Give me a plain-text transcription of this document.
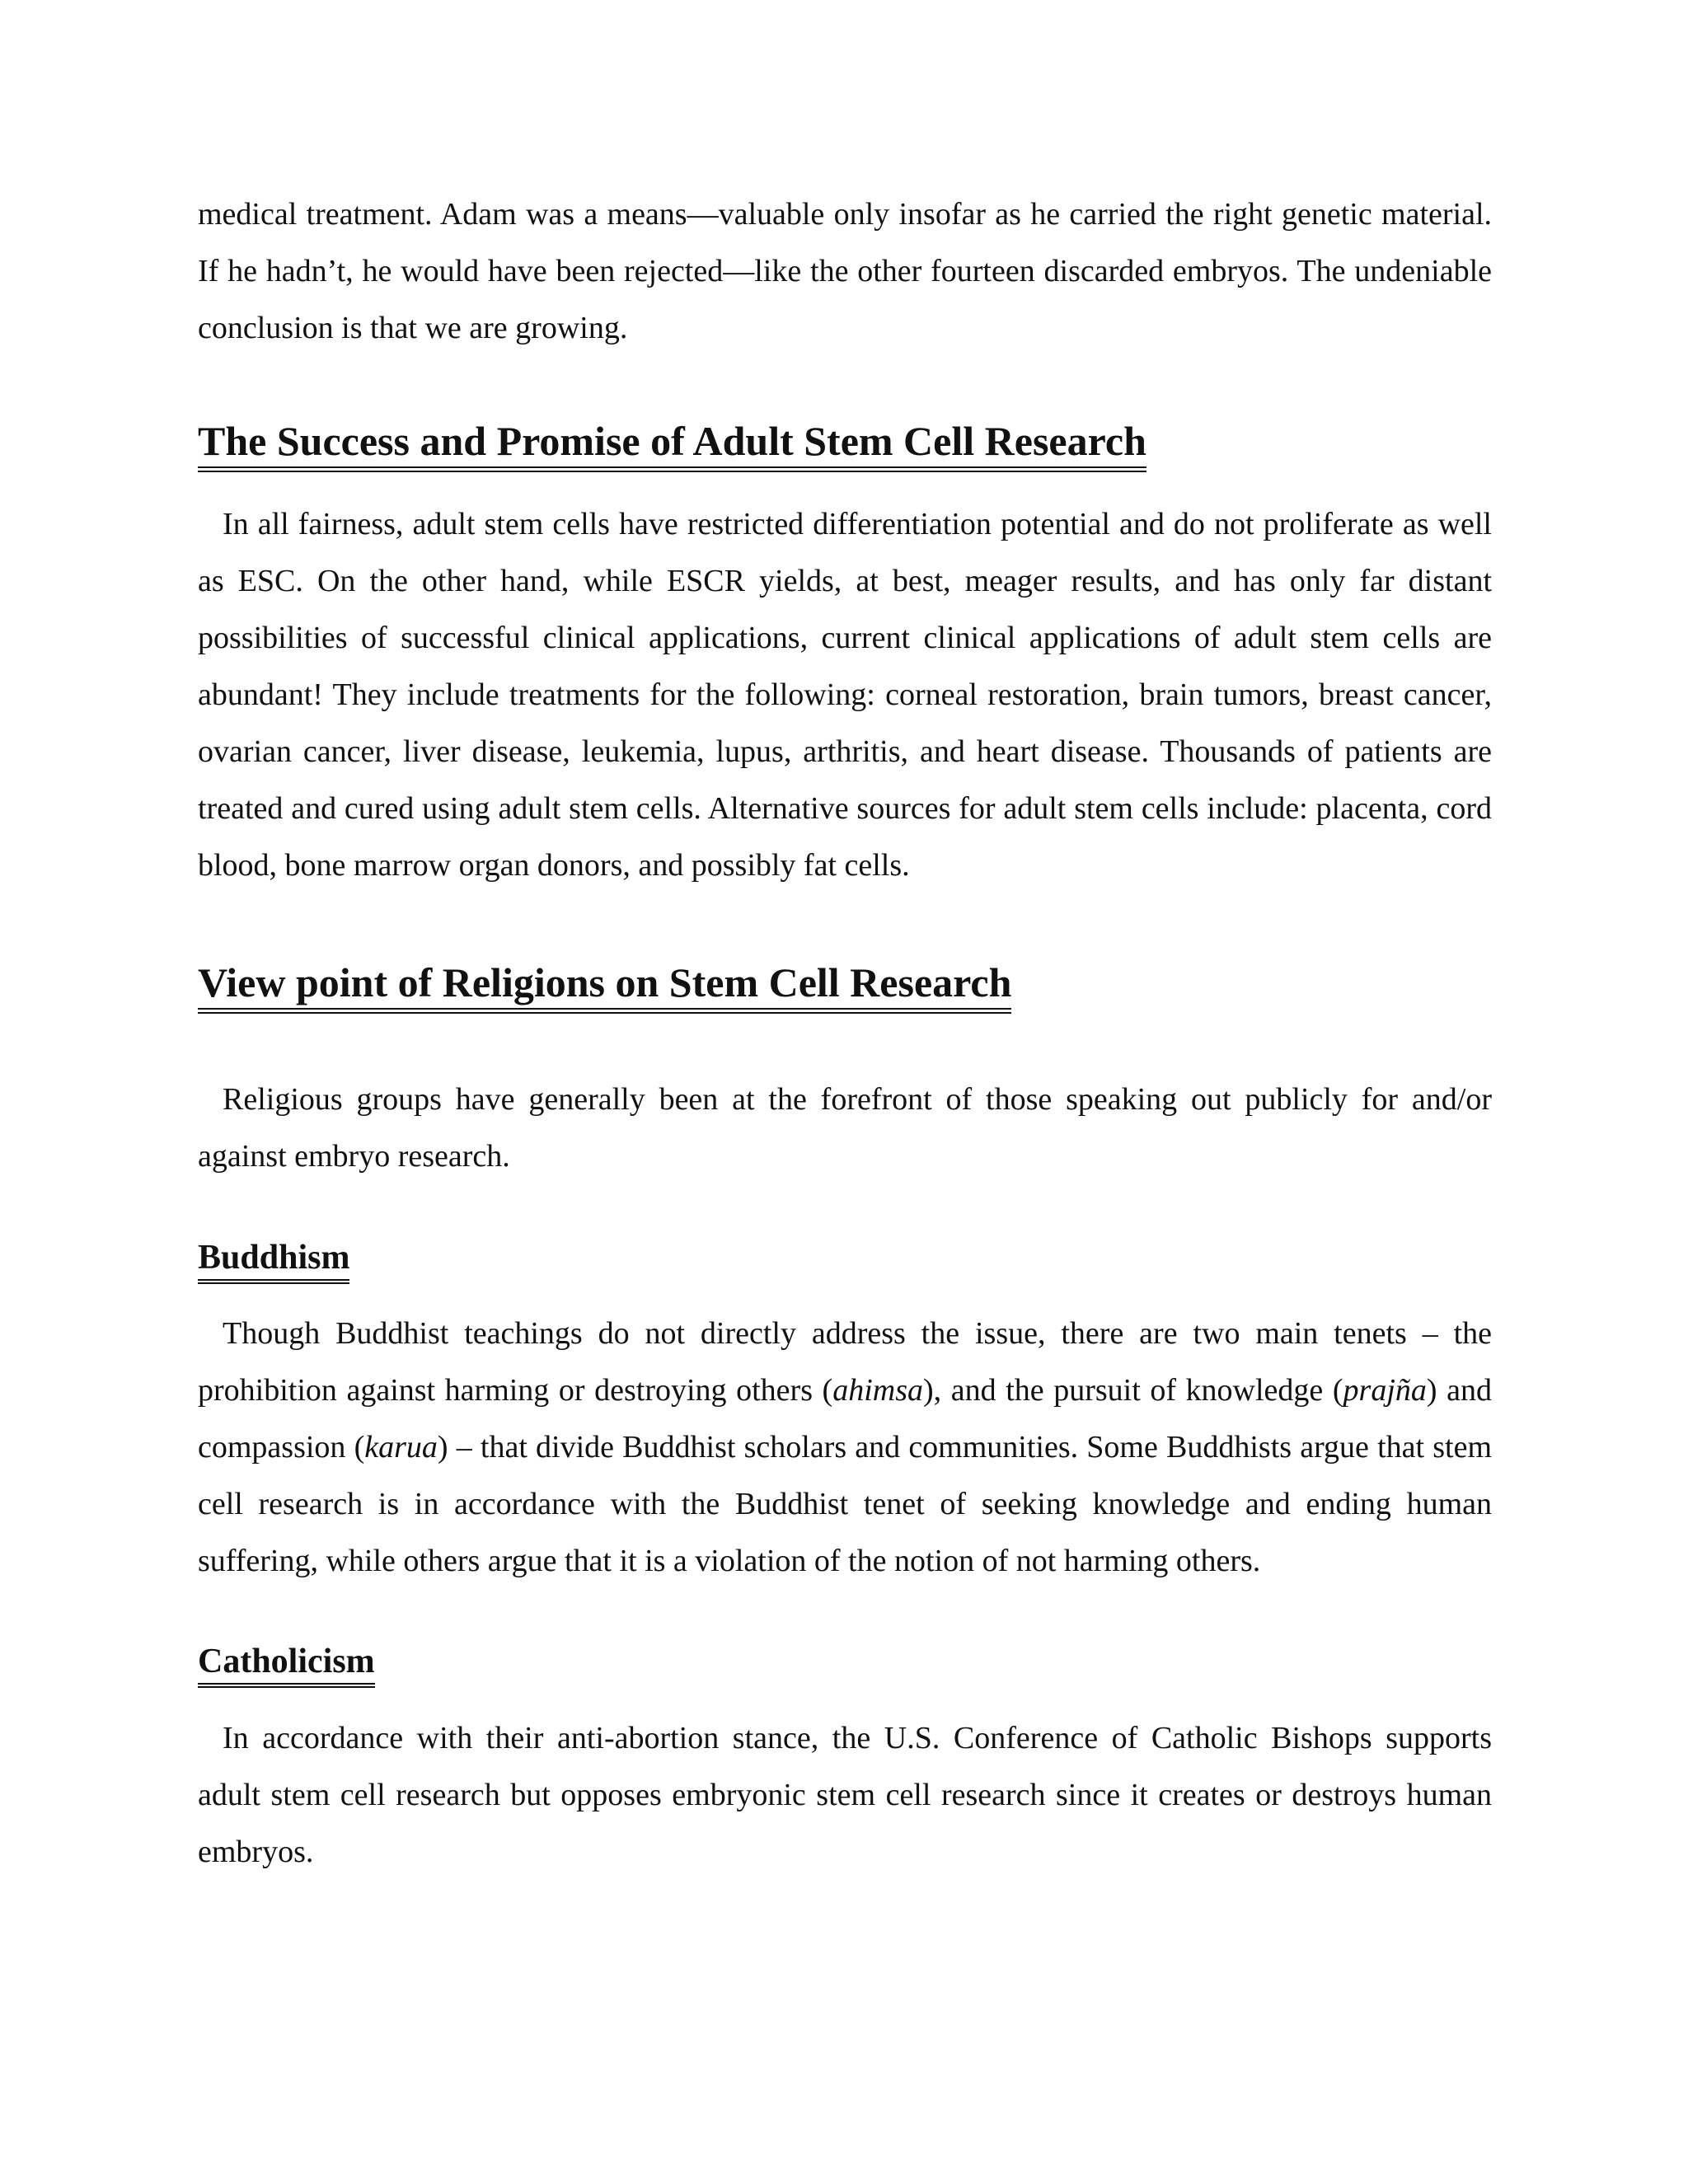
medical treatment. Adam was a means—valuable only insofar as he carried the right genetic material. If he hadn’t, he would have been rejected—like the other fourteen discarded embryos. The undeniable conclusion is that we are growing.

The Success and Promise of Adult Stem Cell Research

In all fairness, adult stem cells have restricted differentiation potential and do not proliferate as well as ESC. On the other hand, while ESCR yields, at best, meager results, and has only far distant possibilities of successful clinical applications, current clinical applications of adult stem cells are abundant! They include treatments for the following: corneal restoration, brain tumors, breast cancer, ovarian cancer, liver disease, leukemia, lupus, arthritis, and heart disease. Thousands of patients are treated and cured using adult stem cells. Alternative sources for adult stem cells include: placenta, cord blood, bone marrow organ donors, and possibly fat cells.

View point of Religions on Stem Cell Research

Religious groups have generally been at the forefront of those speaking out publicly for and/or against embryo research.

Buddhism

Though Buddhist teachings do not directly address the issue, there are two main tenets – the prohibition against harming or destroying others (ahimsa), and the pursuit of knowledge (prajña) and compassion (karua) – that divide Buddhist scholars and communities. Some Buddhists argue that stem cell research is in accordance with the Buddhist tenet of seeking knowledge and ending human suffering, while others argue that it is a violation of the notion of not harming others.

Catholicism

In accordance with their anti-abortion stance, the U.S. Conference of Catholic Bishops supports adult stem cell research but opposes embryonic stem cell research since it creates or destroys human embryos.
